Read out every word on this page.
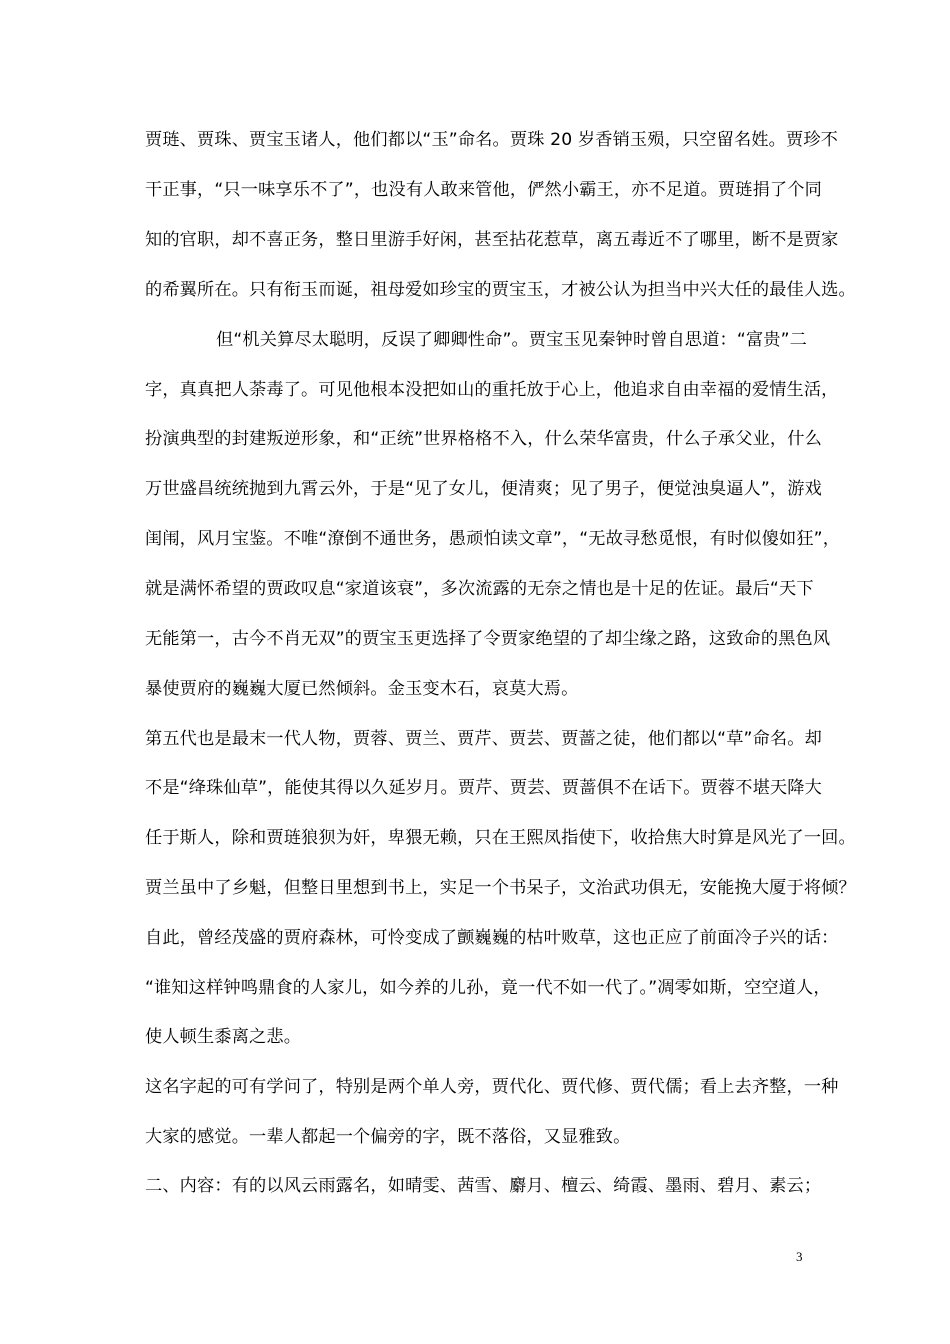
贾琏、贾珠、贾宝玉诸人，他们都以“玉”命名。贾珠 20 岁香销玉殒，只空留名姓。贾珍不
干正事，“只一味享乐不了”，也没有人敢来管他，俨然小霸王，亦不足道。贾琏捐了个同
知的官职，却不喜正务，整日里游手好闲，甚至拈花惹草，离五毒近不了哪里，断不是贾家
的希翼所在。只有衔玉而诞，祖母爱如珍宝的贾宝玉，才被公认为担当中兴大任的最佳人选。
但“机关算尽太聪明，反误了卿卿性命”。贾宝玉见秦钟时曾自思道：“富贵”二
字，真真把人荼毒了。可见他根本没把如山的重托放于心上，他追求自由幸福的爱情生活，
扮演典型的封建叛逆形象，和“正统”世界格格不入，什么荣华富贵，什么子承父业，什么
万世盛昌统统抛到九霄云外，于是“见了女儿，便清爽；见了男子，便觉浊臭逼人”，游戏
闺闱，风月宝鉴。不唯“潦倒不通世务，愚顽怕读文章”，“无故寻愁觅恨，有时似傻如狂”，
就是满怀希望的贾政叹息“家道该衰”，多次流露的无奈之情也是十足的佐证。最后“天下
无能第一，古今不肖无双”的贾宝玉更选择了令贾家绝望的了却尘缘之路，这致命的黑色风
暴使贾府的巍巍大厦已然倾斜。金玉变木石，哀莫大焉。
第五代也是最末一代人物，贾蓉、贾兰、贾芹、贾芸、贾蔷之徒，他们都以“草”命名。却
不是“绛珠仙草”，能使其得以久延岁月。贾芹、贾芸、贾蔷俱不在话下。贾蓉不堪天降大
任于斯人，除和贾琏狼狈为奸，卑猥无赖，只在王熙凤指使下，收拾焦大时算是风光了一回。
贾兰虽中了乡魁，但整日里想到书上，实足一个书呆子，文治武功俱无，安能挽大厦于将倾？
自此，曾经茂盛的贾府森林，可怜变成了颤巍巍的枯叶败草，这也正应了前面冷子兴的话：
“谁知这样钟鸣鼎食的人家儿，如今养的儿孙，竟一代不如一代了。”凋零如斯，空空道人，
使人顿生黍离之悲。
这名字起的可有学问了，特别是两个单人旁，贾代化、贾代修、贾代儒；看上去齐整，一种
大家的感觉。一辈人都起一个偏旁的字，既不落俗，又显雅致。
二、内容：有的以风云雨露名，如晴雯、茜雪、麝月、檀云、绮霞、墨雨、碧月、素云；
3
